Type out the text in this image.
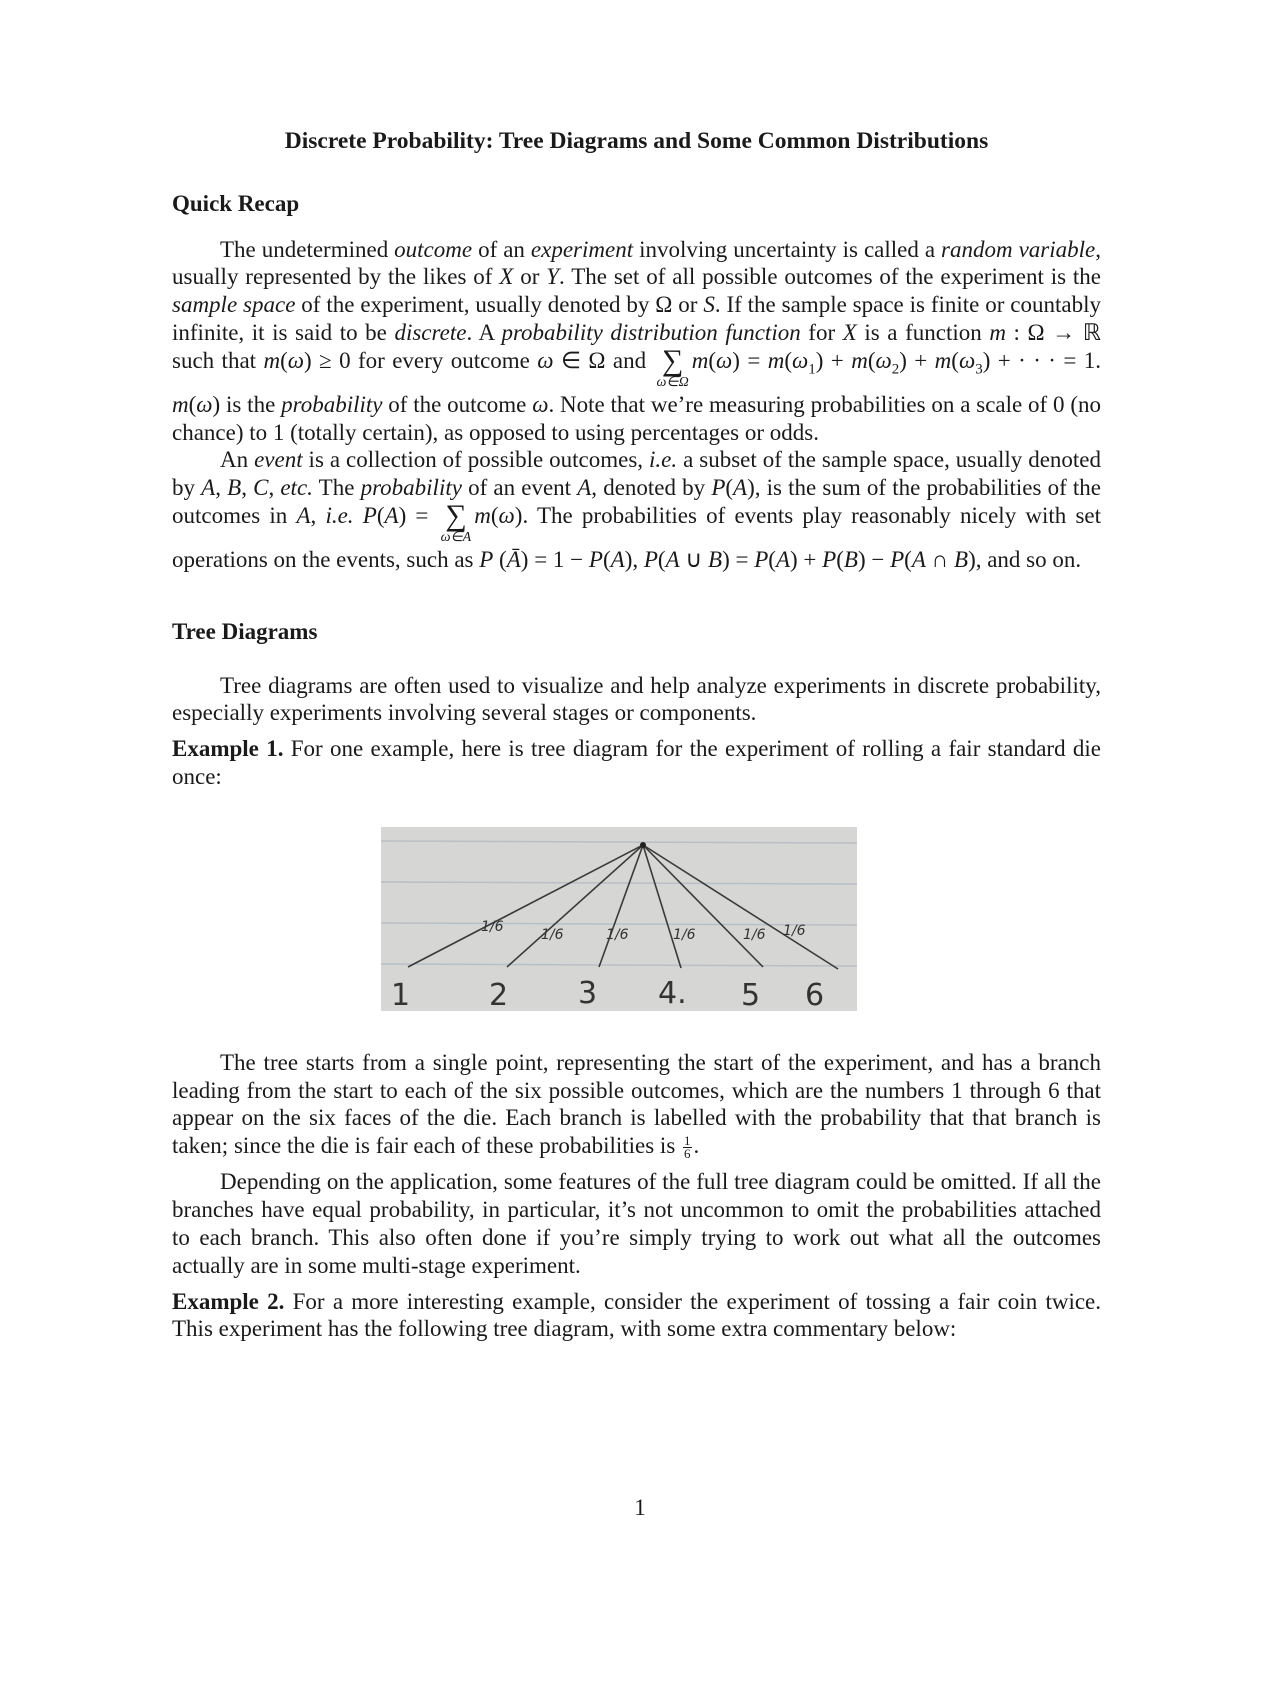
Discrete Probability: Tree Diagrams and Some Common Distributions
Quick Recap

The undetermined outcome of an experiment involving uncertainty is called a random variable, usually represented by the likes of X or Y. The set of all possible outcomes of the experiment is the sample space of the experiment, usually denoted by Ω or S. If the sample space is finite or countably infinite, it is said to be discrete. A probability distribution function for X is a function m : Ω → ℝ such that m(ω) ≥ 0 for every outcome ω ∈ Ω and ∑
ω∈Ω
$m(\omega) = m(\omega_1) + m(\omega_2) + m(\omega_3)$ + · · · = 1. m(ω) is the probability of the outcome ω. Note that we’re measuring probabilities on a scale of 0 (no chance) to 1 (totally certain), as opposed to using percentages or odds.

An event is a collection of possible outcomes, i.e. a subset of the sample space, usually denoted by A, B, C, etc. The probability of an event A, denoted by P(A), is the sum of the probabilities of the outcomes in A, i.e. P(A) = ∑
ω∈A
m(ω). The probabilities of events play reasonably nicely with set operations on the events, such as P (Ā) = 1 − P(A), P(A ∪ B) = P(A) + P(B) − P(A ∩ B), and so on.

Tree Diagrams

Tree diagrams are often used to visualize and help analyze experiments in discrete probability, especially experiments involving several stages or components.

Example 1. For one example, here is tree diagram for the experiment of rolling a fair standard die once:

1/6	1/6	1/6	1/6	1/6 1/6
1	2 3 4. 5 6

The tree starts from a single point, representing the start of the experiment, and has a branch leading from the start to each of the six possible outcomes, which are the numbers 1 through 6 that appear on the six faces of the die. Each branch is labelled with the probability that that branch is taken; since the die is fair each of these probabilities is $\frac{1}{6}$ .

Depending on the application, some features of the full tree diagram could be omitted. If all the branches have equal probability, in particular, it’s not uncommon to omit the probabilities attached to each branch. This also often done if you’re simply trying to work out what all the outcomes actually are in some multi-stage experiment.

Example 2. For a more interesting example, consider the experiment of tossing a fair coin twice. This experiment has the following tree diagram, with some extra commentary below:

1
